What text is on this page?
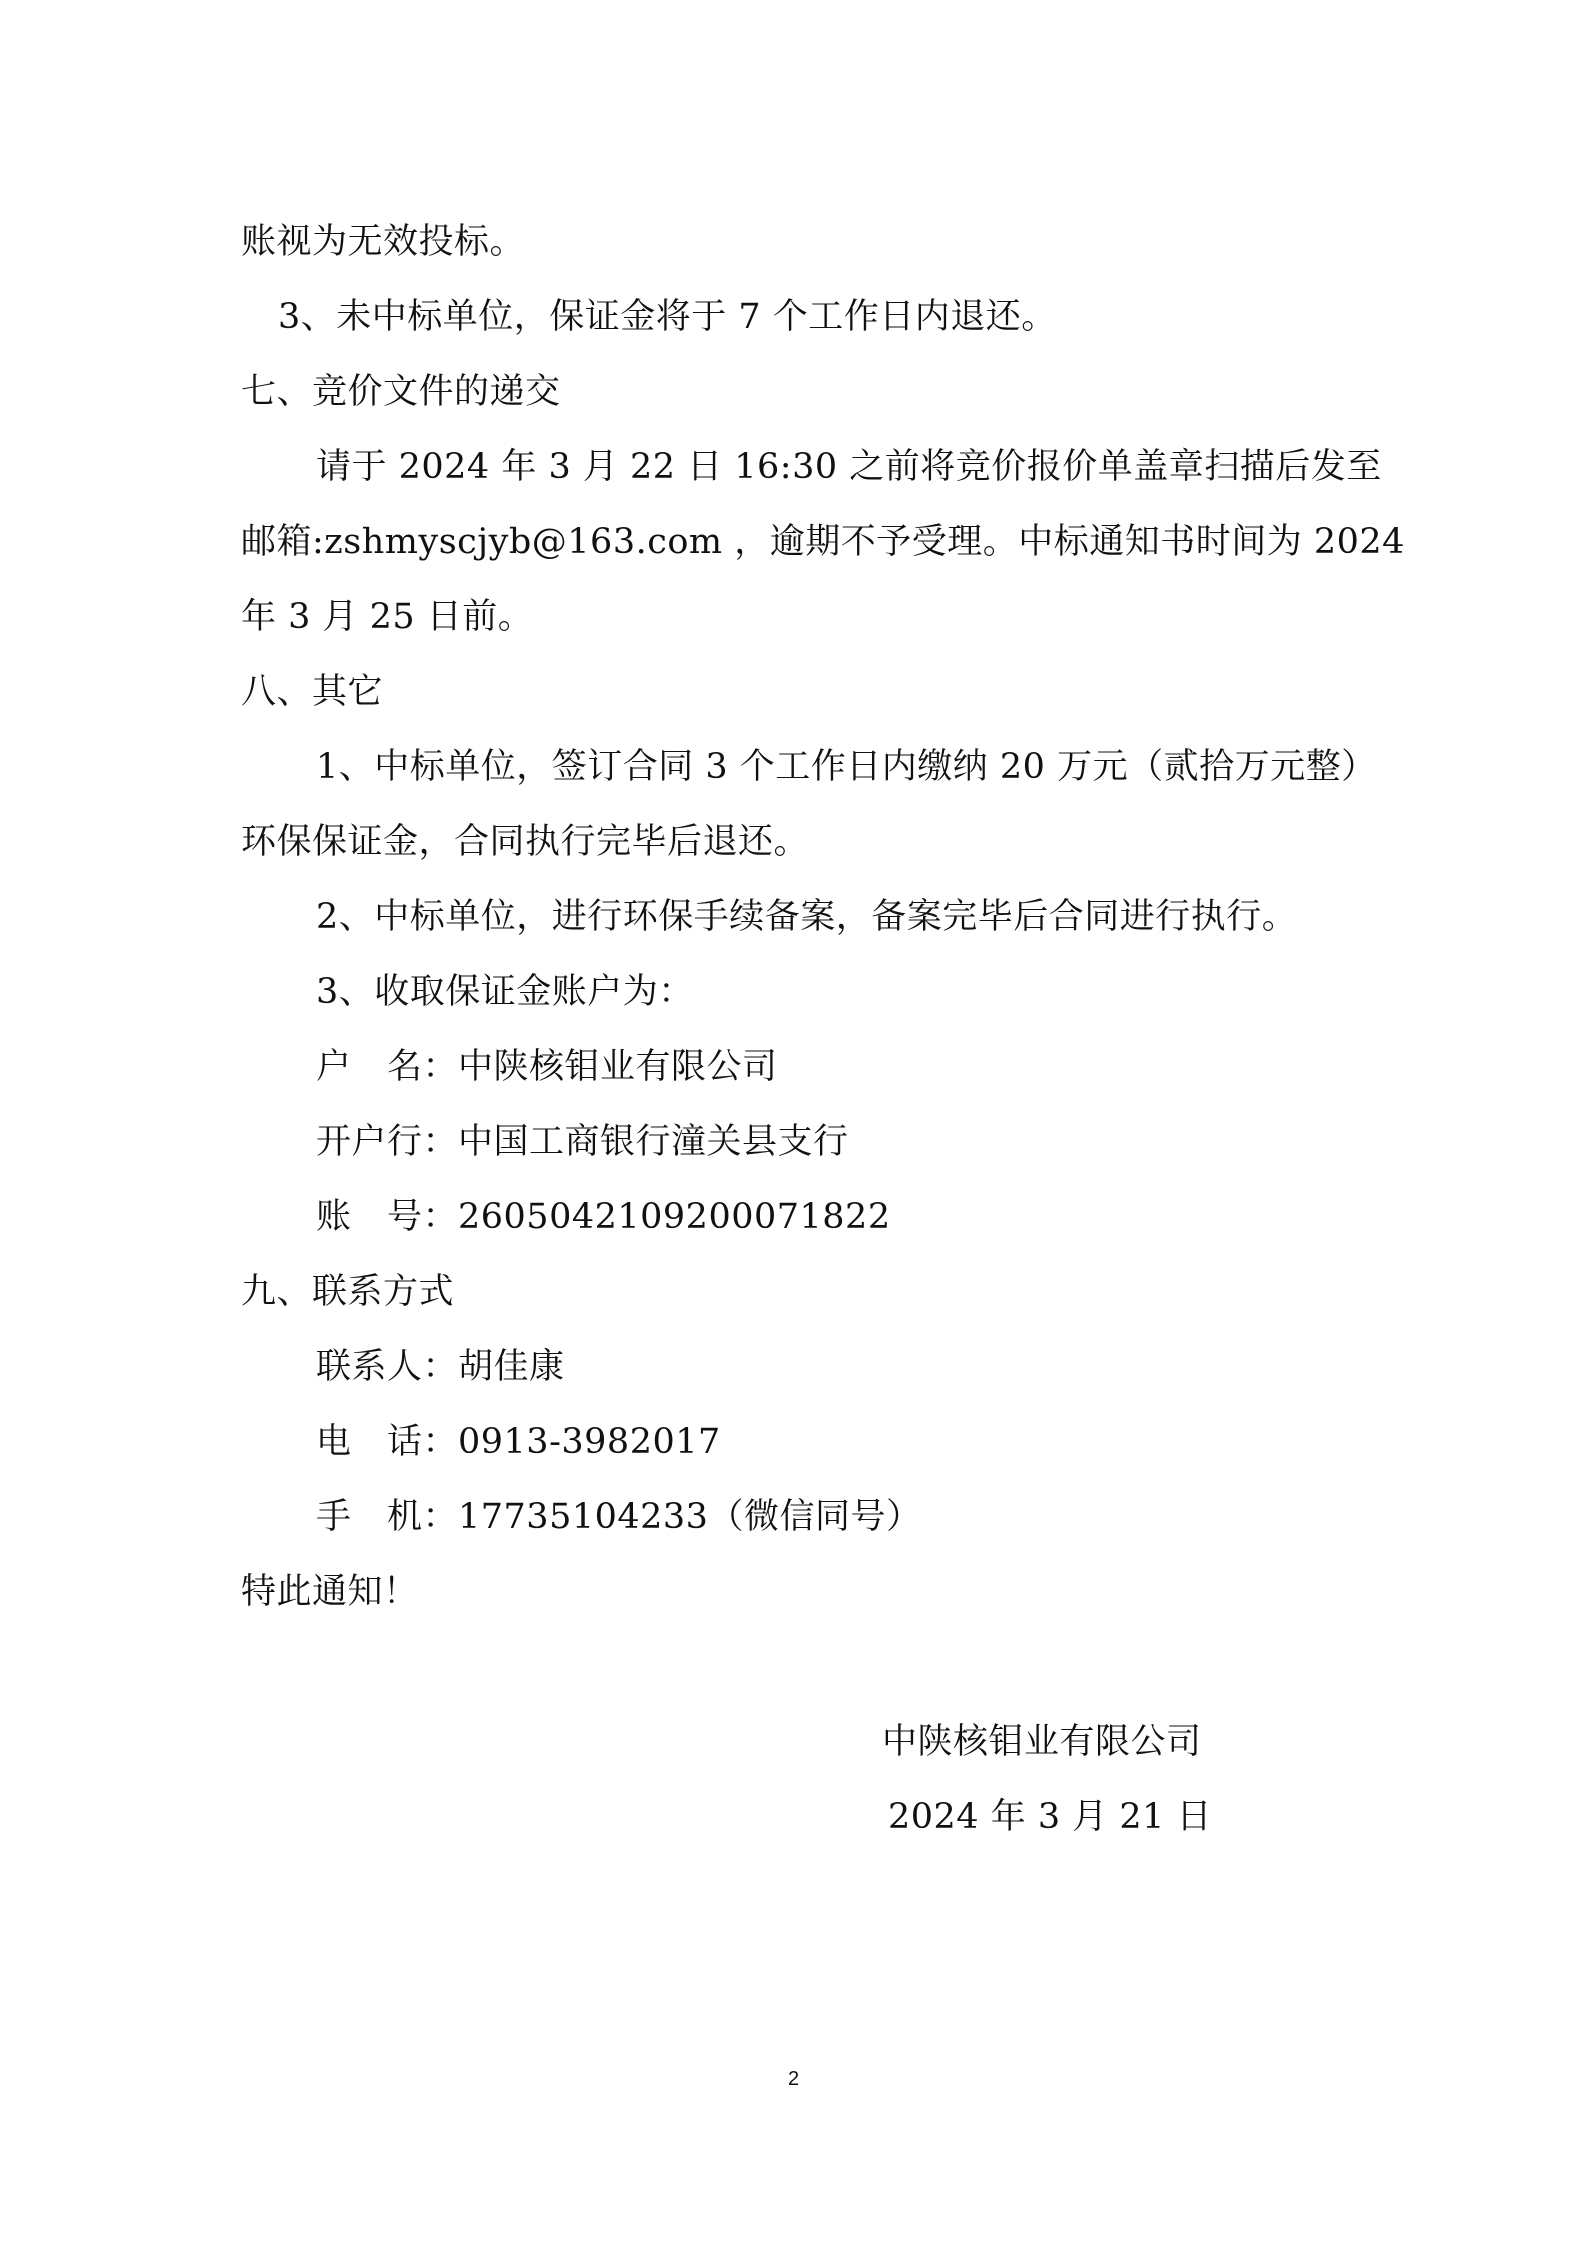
账视为无效投标。
3、未中标单位，保证金将于 7 个工作日内退还。
七、竞价文件的递交
请于 2024 年 3 月 22 日 16:30 之前将竞价报价单盖章扫描后发至
邮箱:zshmyscjyb@163.com ，逾期不予受理。中标通知书时间为 2024
年 3 月 25 日前。
八、其它
1、中标单位，签订合同 3 个工作日内缴纳 20 万元（贰拾万元整）
环保保证金，合同执行完毕后退还。
2、中标单位，进行环保手续备案，备案完毕后合同进行执行。
3、收取保证金账户为：
户　名：中陕核钼业有限公司
开户行：中国工商银行潼关县支行
账　号：2605042109200071822
九、联系方式
联系人：胡佳康
电　话：0913-3982017
手　机：17735104233（微信同号）
特此通知！
中陕核钼业有限公司
2024 年 3 月 21 日
2
